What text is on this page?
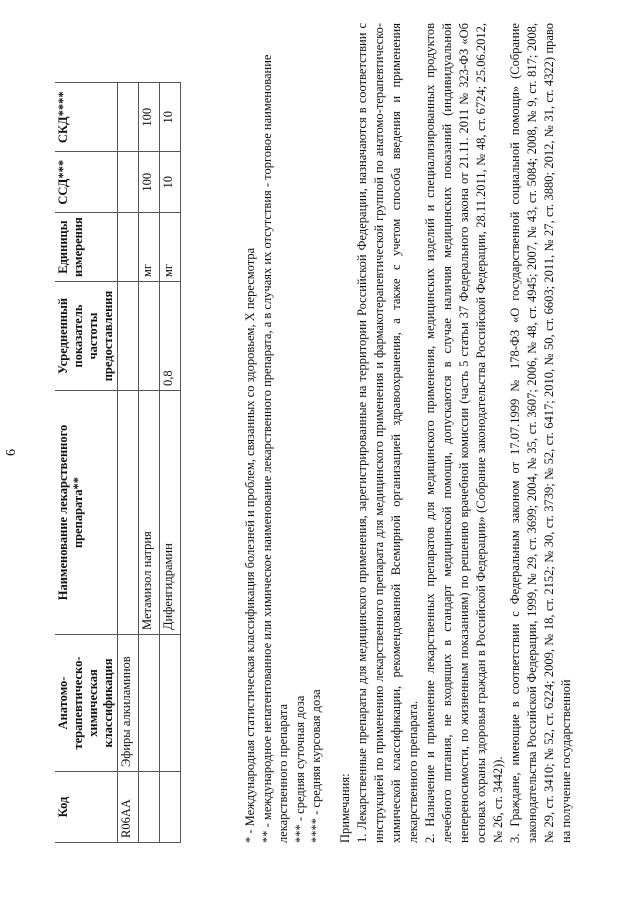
6
Код	Анатомо-терапевтическо-химическая классификация	Наименование лекарственного препарата**	Усредненный показатель частоты предоставления	Единицы измерения	ССД***	СКД****
R06AA	Эфиры алкиламинов					
		Метамизол натрия		мг	100	100
		Дифенгидрамин	0,8	мг	10	10

* - Международная статистическая классификация болезней и проблем, связанных со здоровьем, X пересмотра ** - международное непатентованное или химическое наименование лекарственного препарата, а в случаях их отсутствия - торговое наименование лекарственного препарата *** - средняя суточная доза **** - средняя курсовая доза Примечания: 1. Лекарственные препараты для медицинского применения, зарегистрированные на территории Российской Федерации, назначаются в соответствии с инструкцией по применению лекарственного препарата для медицинского применения и фармакотерапевтической группой по анатомо-терапевтическо-химической классификации, рекомендованной Всемирной организацией здравоохранения, а также с учетом способа введения и применения лекарственного препарата. 2. Назначение и применение лекарственных препаратов для медицинского применения, медицинских изделий и специализированных продуктов лечебного питания, не входящих в стандарт медицинской помощи, допускаются в случае наличия медицинских показаний (индивидуальной непереносимости, по жизненным показаниям) по решению врачебной комиссии (часть 5 статьи 37 Федерального закона от 21.11. 2011 № 323-ФЗ «Об основах охраны здоровья граждан в Российской Федерации» (Собрание законодательства Российской Федерации, 28.11.2011, № 48, ст. 6724; 25.06.2012, № 26, ст. 3442)). 3. Граждане, имеющие в соответствии с Федеральным законом от 17.07.1999 № 178-ФЗ «О государственной социальной помощи» (Собрание законодательства Российской Федерации, 1999, № 29, ст. 3699; 2004, № 35, ст. 3607; 2006, № 48, ст. 4945; 2007, № 43, ст. 5084; 2008, № 9, ст. 817; 2008, № 29, ст. 3410; № 52, ст. 6224; 2009, № 18, ст. 2152; № 30, ст. 3739; № 52, ст. 6417; 2010, № 50, ст. 6603; 2011, № 27, ст. 3880; 2012, № 31, ст. 4322) право на получение государственной
